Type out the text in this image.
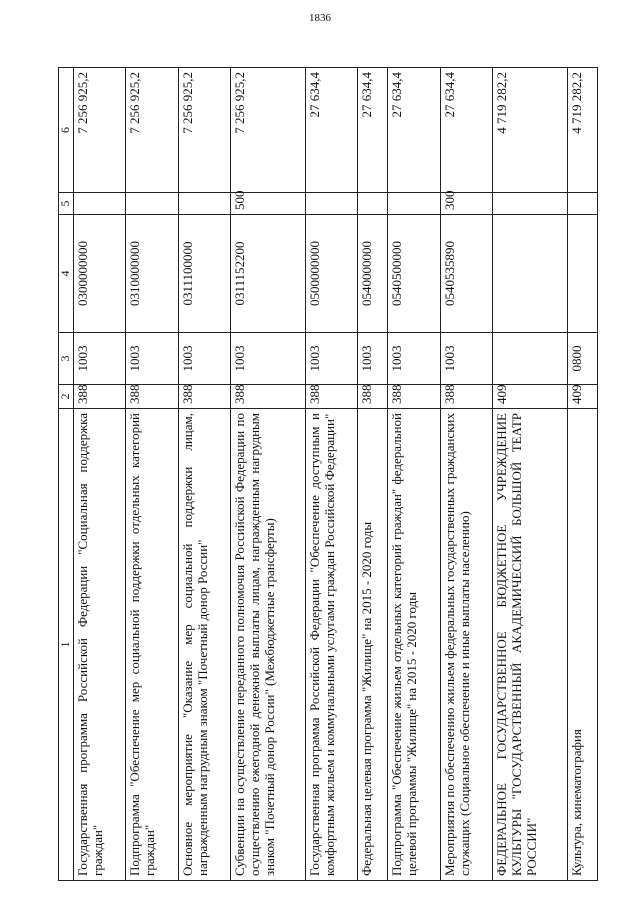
1836
1	2	3	4	5	6
Государственная программа Российской Федерации "Социальная поддержка граждан"	388	1003	0300000000		7 256 925,2
Подпрограмма "Обеспечение мер социальной поддержки отдельных категорий граждан"	388	1003	0310000000		7 256 925,2
Основное мероприятие "Оказание мер социальной поддержки лицам, награжденным нагрудным знаком "Почетный донор России"	388	1003	0311100000		7 256 925,2
Субвенции на осуществление переданного полномочия Российской Федерации по осуществлению ежегодной денежной выплаты лицам, награжденным нагрудным знаком "Почетный донор России" (Межбюджетные трансферты)	388	1003	0311152200	500	7 256 925,2
Государственная программа Российской Федерации "Обеспечение доступным и комфортным жильем и коммунальными услугами граждан Российской Федерации"	388	1003	0500000000		27 634,4
Федеральная целевая программа "Жилище" на 2015 - 2020 годы	388	1003	0540000000		27 634,4
Подпрограмма "Обеспечение жильем отдельных категорий граждан" федеральной целевой программы "Жилище" на 2015 - 2020 годы	388	1003	0540500000		27 634,4
Мероприятия по обеспечению жильем федеральных государственных гражданских служащих (Социальное обеспечение и иные выплаты населению)	388	1003	0540535890	300	27 634,4
ФЕДЕРАЛЬНОЕ ГОСУДАРСТВЕННОЕ БЮДЖЕТНОЕ УЧРЕЖДЕНИЕ КУЛЬТУРЫ "ГОСУДАРСТВЕННЫЙ АКАДЕМИЧЕСКИЙ БОЛЬШОЙ ТЕАТР РОССИИ"	409				4 719 282,2
Культура, кинематография	409	0800			4 719 282,2
